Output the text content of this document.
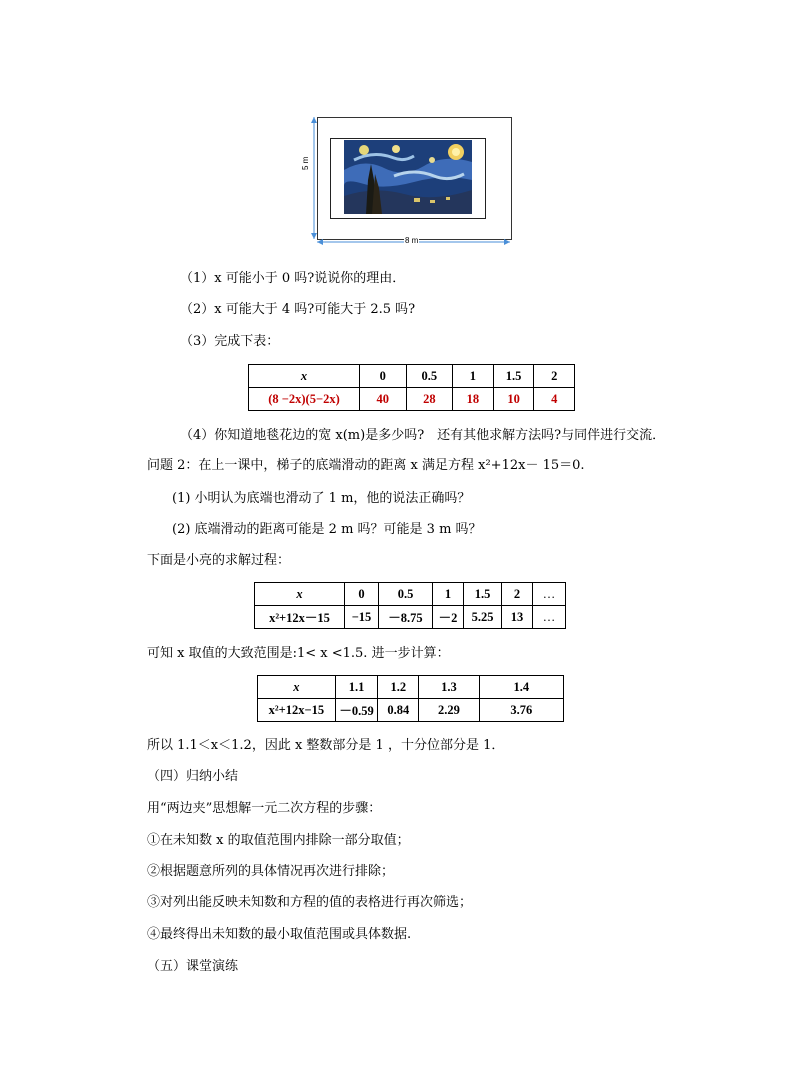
5 m
8 m
（1）x 可能小于 0 吗?说说你的理由．
（2）x 可能大于 4 吗?可能大于 2.5 吗?
（3）完成下表：
x	0	0.5	1	1.5	2
(8 −2x)(5−2x)	40	28	18	10	4
（4）你知道地毯花边的宽 x(m)是多少吗?　还有其他求解方法吗?与同伴进行交流．
问题 2：在上一课中，梯子的底端滑动的距离 x 满足方程 x²+12x－ 15＝0.
(1) 小明认为底端也滑动了 1 m，他的说法正确吗？
(2) 底端滑动的距离可能是 2 m 吗？可能是 3 m 吗？
下面是小亮的求解过程：
x	0	0.5	1	1.5	2	…
x²+12x－15	−15	－8.75	－2	5.25	13	…
可知 x 取值的大致范围是:1< x <1.5. 进一步计算：
x	1.1	1.2	1.3	1.4
x²+12x−15	－0.59	0.84	2.29	3.76
所以 1.1＜x＜1.2，因此 x 整数部分是 1 ，十分位部分是 1．
（四）归纳小结
用“两边夹”思想解一元二次方程的步骤：
①在未知数 x 的取值范围内排除一部分取值；
②根据题意所列的具体情况再次进行排除；
③对列出能反映未知数和方程的值的表格进行再次筛选；
④最终得出未知数的最小取值范围或具体数据.
（五）课堂演练
